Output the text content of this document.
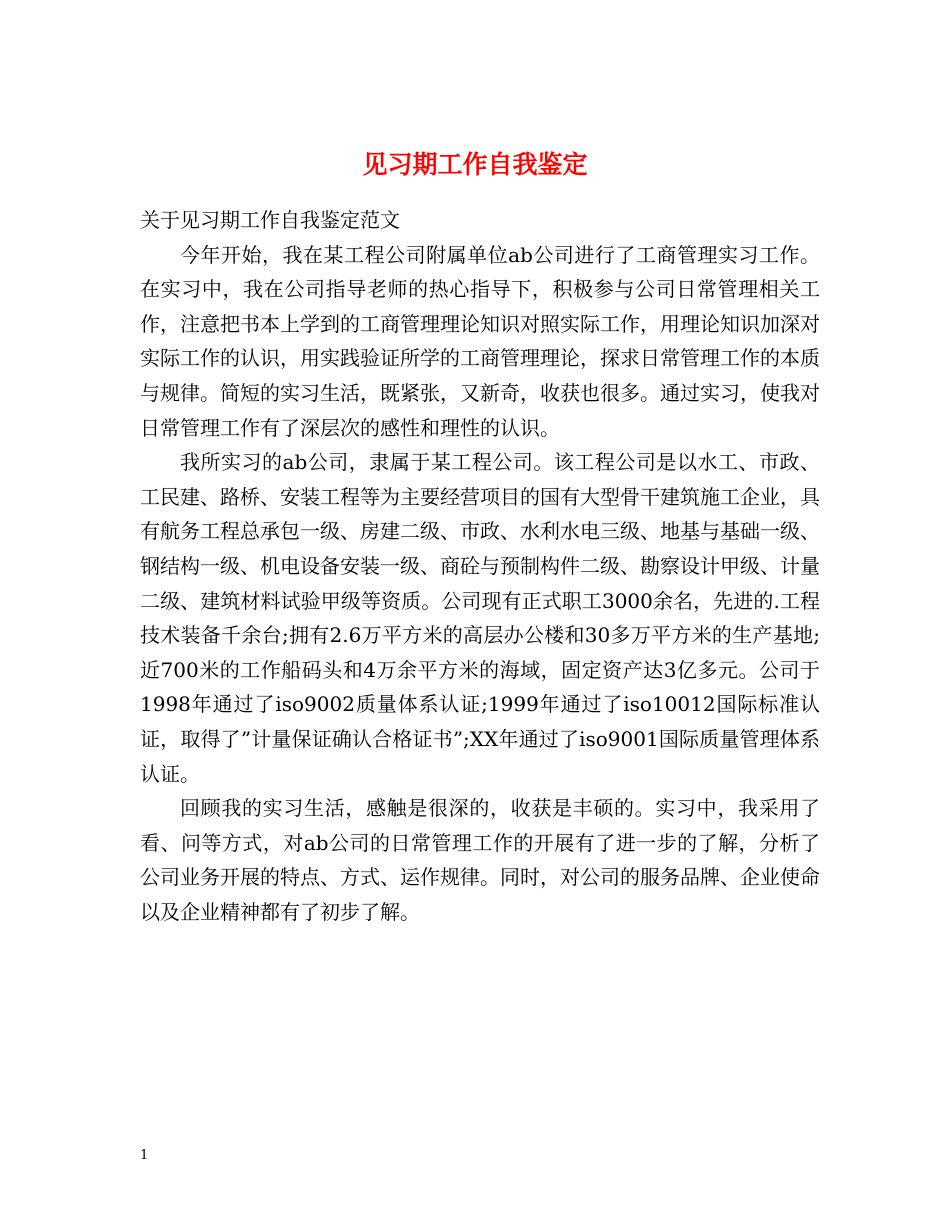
见习期工作自我鉴定

关于见习期工作自我鉴定范文

今年开始，我在某工程公司附属单位ab公司进行了工商管理实习工作。在实习中，我在公司指导老师的热心指导下，积极参与公司日常管理相关工作，注意把书本上学到的工商管理理论知识对照实际工作，用理论知识加深对实际工作的认识，用实践验证所学的工商管理理论，探求日常管理工作的本质与规律。简短的实习生活，既紧张，又新奇，收获也很多。通过实习，使我对日常管理工作有了深层次的感性和理性的认识。

我所实习的ab公司，隶属于某工程公司。该工程公司是以水工、市政、工民建、路桥、安装工程等为主要经营项目的国有大型骨干建筑施工企业，具有航务工程总承包一级、房建二级、市政、水利水电三级、地基与基础一级、钢结构一级、机电设备安装一级、商砼与预制构件二级、勘察设计甲级、计量二级、建筑材料试验甲级等资质。公司现有正式职工3000余名，先进的.工程技术装备千余台;拥有2.6万平方米的高层办公楼和30多万平方米的生产基地;近700米的工作船码头和4万余平方米的海域，固定资产达3亿多元。公司于1998年通过了iso9002质量体系认证;1999年通过了iso10012国际标准认证，取得了”计量保证确认合格证书”;XX年通过了iso9001国际质量管理体系认证。

回顾我的实习生活，感触是很深的，收获是丰硕的。实习中，我采用了看、问等方式，对ab公司的日常管理工作的开展有了进一步的了解，分析了公司业务开展的特点、方式、运作规律。同时，对公司的服务品牌、企业使命以及企业精神都有了初步了解。

1
